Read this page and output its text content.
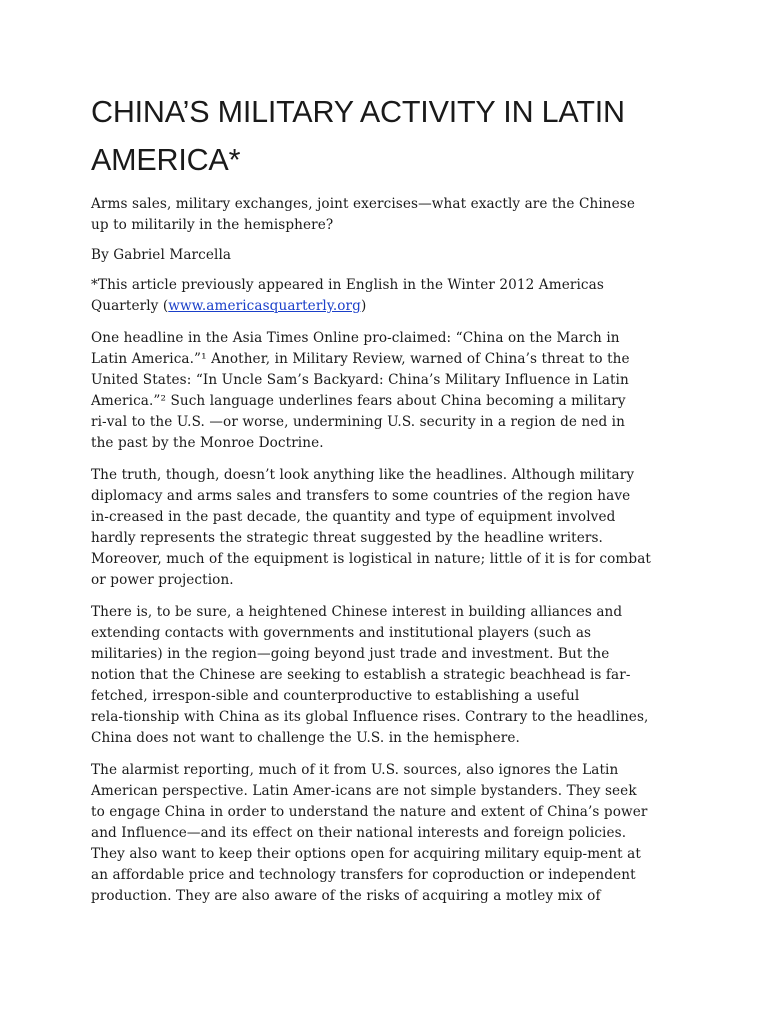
CHINA’S MILITARY ACTIVITY IN LATIN
AMERICA*

Arms sales, military exchanges, joint exercises—what exactly are the Chinese
up to militarily in the hemisphere?

By Gabriel Marcella

*This article previously appeared in English in the Winter 2012 Americas
Quarterly (www.americasquarterly.org)

One headline in the Asia Times Online pro-claimed: “China on the March in
Latin America.”¹ Another, in Military Review, warned of China’s threat to the
United States: “In Uncle Sam’s Backyard: China’s Military Influence in Latin
America.”² Such language underlines fears about China becoming a military
ri-val to the U.S. —or worse, undermining U.S. security in a region de ned in
the past by the Monroe Doctrine.

The truth, though, doesn’t look anything like the headlines. Although military
diplomacy and arms sales and transfers to some countries of the region have
in-creased in the past decade, the quantity and type of equipment involved
hardly represents the strategic threat suggested by the headline writers.
Moreover, much of the equipment is logistical in nature; little of it is for combat
or power projection.

There is, to be sure, a heightened Chinese interest in building alliances and
extending contacts with governments and institutional players (such as
militaries) in the region—going beyond just trade and investment. But the
notion that the Chinese are seeking to establish a strategic beachhead is far-
fetched, irrespon-sible and counterproductive to establishing a useful
rela-tionship with China as its global Influence rises. Contrary to the headlines,
China does not want to challenge the U.S. in the hemisphere.

The alarmist reporting, much of it from U.S. sources, also ignores the Latin
American perspective. Latin Amer-icans are not simple bystanders. They seek
to engage China in order to understand the nature and extent of China’s power
and Influence—and its effect on their national interests and foreign policies.
They also want to keep their options open for acquiring military equip-ment at
an affordable price and technology transfers for coproduction or independent
production. They are also aware of the risks of acquiring a motley mix of
